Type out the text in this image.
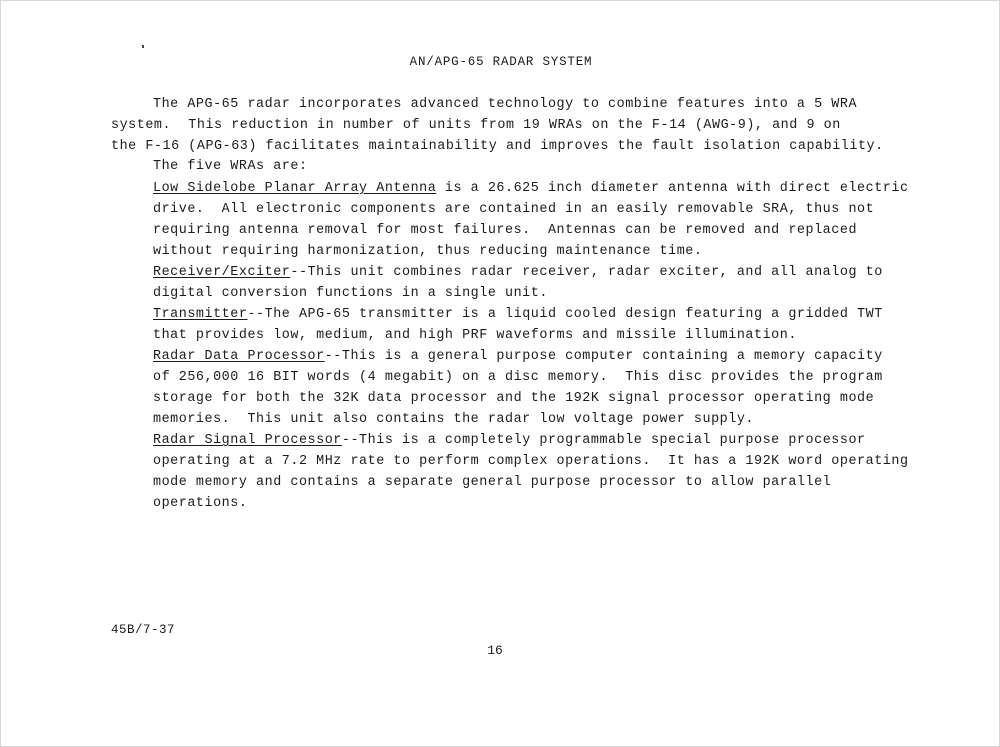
AN/APG-65 RADAR SYSTEM
The APG-65 radar incorporates advanced technology to combine features into a 5 WRA
system.  This reduction in number of units from 19 WRAs on the F-14 (AWG-9), and 9 on
the F-16 (APG-63) facilitates maintainability and improves the fault isolation capability.
The five WRAs are:
Low Sidelobe Planar Array Antenna is a 26.625 inch diameter antenna with direct electric
drive.  All electronic components are contained in an easily removable SRA, thus not
requiring antenna removal for most failures.  Antennas can be removed and replaced
without requiring harmonization, thus reducing maintenance time.
Receiver/Exciter--This unit combines radar receiver, radar exciter, and all analog to
digital conversion functions in a single unit.
Transmitter--The APG-65 transmitter is a liquid cooled design featuring a gridded TWT
that provides low, medium, and high PRF waveforms and missile illumination.
Radar Data Processor--This is a general purpose computer containing a memory capacity
of 256,000 16 BIT words (4 megabit) on a disc memory.  This disc provides the program
storage for both the 32K data processor and the 192K signal processor operating mode
memories.  This unit also contains the radar low voltage power supply.
Radar Signal Processor--This is a completely programmable special purpose processor
operating at a 7.2 MHz rate to perform complex operations.  It has a 192K word operating
mode memory and contains a separate general purpose processor to allow parallel
operations.
45B/7-37
16
